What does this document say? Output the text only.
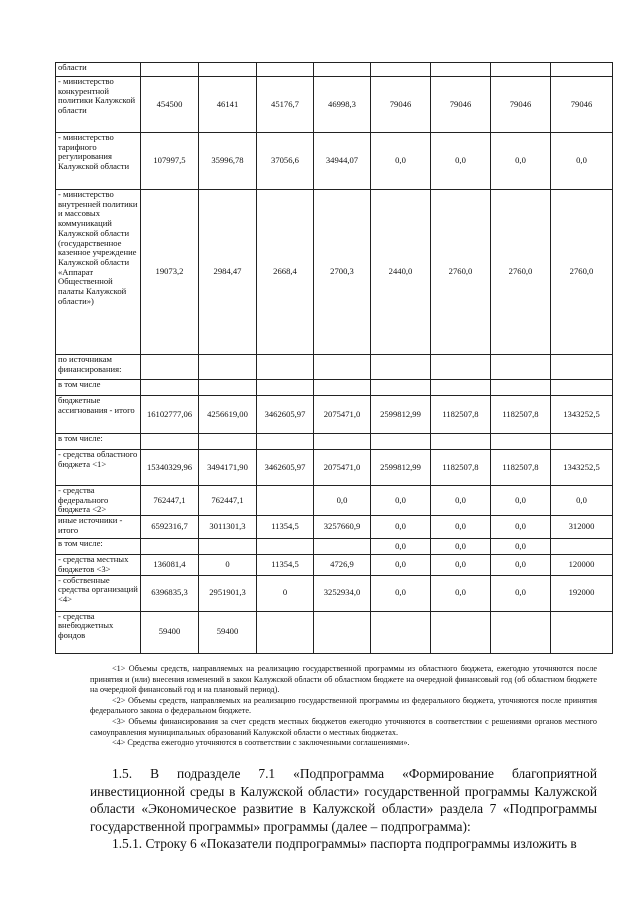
области								
- министерство конкурентной политики Калужской области	454500	46141	45176,7	46998,3	79046	79046	79046	79046
- министерство тарифного регулирования Калужской области	107997,5	35996,78	37056,6	34944,07	0,0	0,0	0,0	0,0
- министерство внутренней политики и массовых коммуникаций Калужской области (государственное казенное учреждение Калужской области «Аппарат Общественной палаты Калужской области»)	19073,2	2984,47	2668,4	2700,3	2440,0	2760,0	2760,0	2760,0
по источникам финансирования:								
в том числе								
бюджетные ассигнования - итого	16102777,06	4256619,00	3462605,97	2075471,0	2599812,99	1182507,8	1182507,8	1343252,5
в том числе:								
- средства областного бюджета <1>	15340329,96	3494171,90	3462605,97	2075471,0	2599812,99	1182507,8	1182507,8	1343252,5
- средства федерального бюджета <2>	762447,1	762447,1		0,0	0,0	0,0	0,0	0,0
иные источники - итого	6592316,7	3011301,3	11354,5	3257660,9	0,0	0,0	0,0	312000
в том числе:					0,0	0,0	0,0	
- средства местных бюджетов <3>	136081,4	0	11354,5	4726,9	0,0	0,0	0,0	120000
- собственные средства организаций <4>	6396835,3	2951901,3	0	3252934,0	0,0	0,0	0,0	192000
- средства внебюджетных фондов	59400	59400						

<1> Объемы средств, направляемых на реализацию государственной программы из областного бюджета, ежегодно уточняются после принятия и (или) внесения изменений в закон Калужской области об областном бюджете на очередной финансовый год (об областном бюджете на очередной финансовый год и на плановый период).

<2> Объемы средств, направляемых на реализацию государственной программы из федерального бюджета, уточняются после принятия федерального закона о федеральном бюджете.

<3> Объемы финансирования за счет средств местных бюджетов ежегодно уточняются в соответствии с решениями органов местного самоуправления муниципальных образований Калужской области о местных бюджетах.

<4> Средства ежегодно уточняются в соответствии с заключенными соглашениями».

1.5. В подразделе 7.1 «Подпрограмма «Формирование благоприятной инвестиционной среды в Калужской области» государственной программы Калужской области «Экономическое развитие в Калужской области» раздела 7 «Подпрограммы государственной программы» программы (далее – подпрограмма):

1.5.1. Строку 6 «Показатели подпрограммы» паспорта подпрограммы изложить в
